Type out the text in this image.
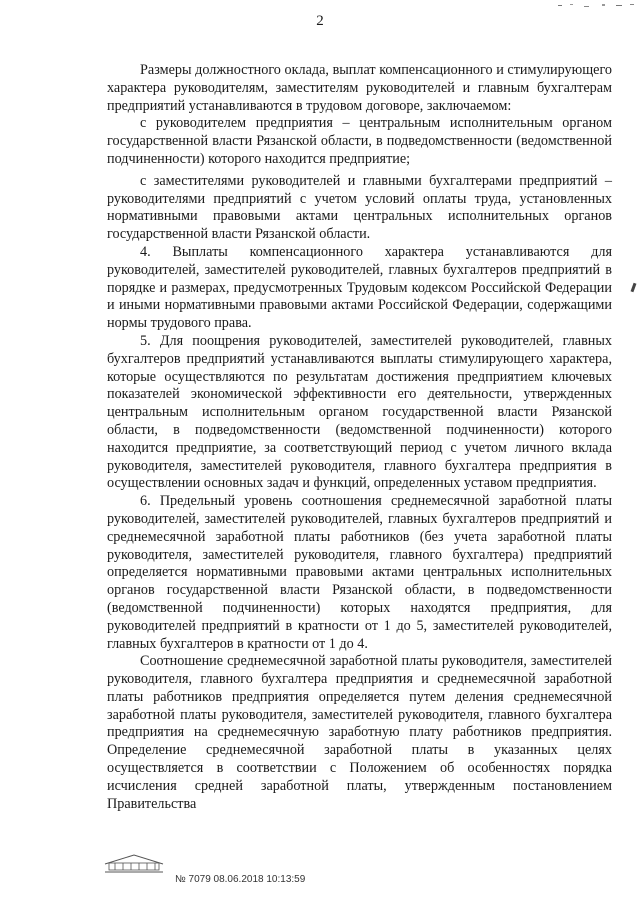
2

Размеры должностного оклада, выплат компенсационного и стимулирующего характера руководителям, заместителям руководителей и главным бухгалтерам предприятий устанавливаются в трудовом договоре, заключаемом:

с руководителем предприятия – центральным исполнительным органом государственной власти Рязанской области, в подведомственности (ведомственной подчиненности) которого находится предприятие;

с заместителями руководителей и главными бухгалтерами предприятий – руководителями предприятий с учетом условий оплаты труда, установленных нормативными правовыми актами центральных исполнительных органов государственной власти Рязанской области.

4. Выплаты компенсационного характера устанавливаются для руководителей, заместителей руководителей, главных бухгалтеров предприятий в порядке и размерах, предусмотренных Трудовым кодексом Российской Федерации и иными нормативными правовыми актами Российской Федерации, содержащими нормы трудового права.

5. Для поощрения руководителей, заместителей руководителей, главных бухгалтеров предприятий устанавливаются выплаты стимулирующего характера, которые осуществляются по результатам достижения предприятием ключевых показателей экономической эффективности его деятельности, утвержденных центральным исполнительным органом государственной власти Рязанской области, в подведомственности (ведомственной подчиненности) которого находится предприятие, за соответствующий период с учетом личного вклада руководителя, заместителей руководителя, главного бухгалтера предприятия в осуществлении основных задач и функций, определенных уставом предприятия.

6. Предельный уровень соотношения среднемесячной заработной платы руководителей, заместителей руководителей, главных бухгалтеров предприятий и среднемесячной заработной платы работников (без учета заработной платы руководителя, заместителей руководителя, главного бухгалтера) предприятий определяется нормативными правовыми актами центральных исполнительных органов государственной власти Рязанской области, в подведомственности (ведомственной подчиненности) которых находятся предприятия, для руководителей предприятий в кратности от 1 до 5, заместителей руководителей, главных бухгалтеров в кратности от 1 до 4.

Соотношение среднемесячной заработной платы руководителя, заместителей руководителя, главного бухгалтера предприятия и среднемесячной заработной платы работников предприятия определяется путем деления среднемесячной заработной платы руководителя, заместителей руководителя, главного бухгалтера предприятия на среднемесячную заработную плату работников предприятия. Определение среднемесячной заработной платы в указанных целях осуществляется в соответствии с Положением об особенностях порядка исчисления средней заработной платы, утвержденным постановлением Правительства

№ 7079 08.06.2018 10:13:59
